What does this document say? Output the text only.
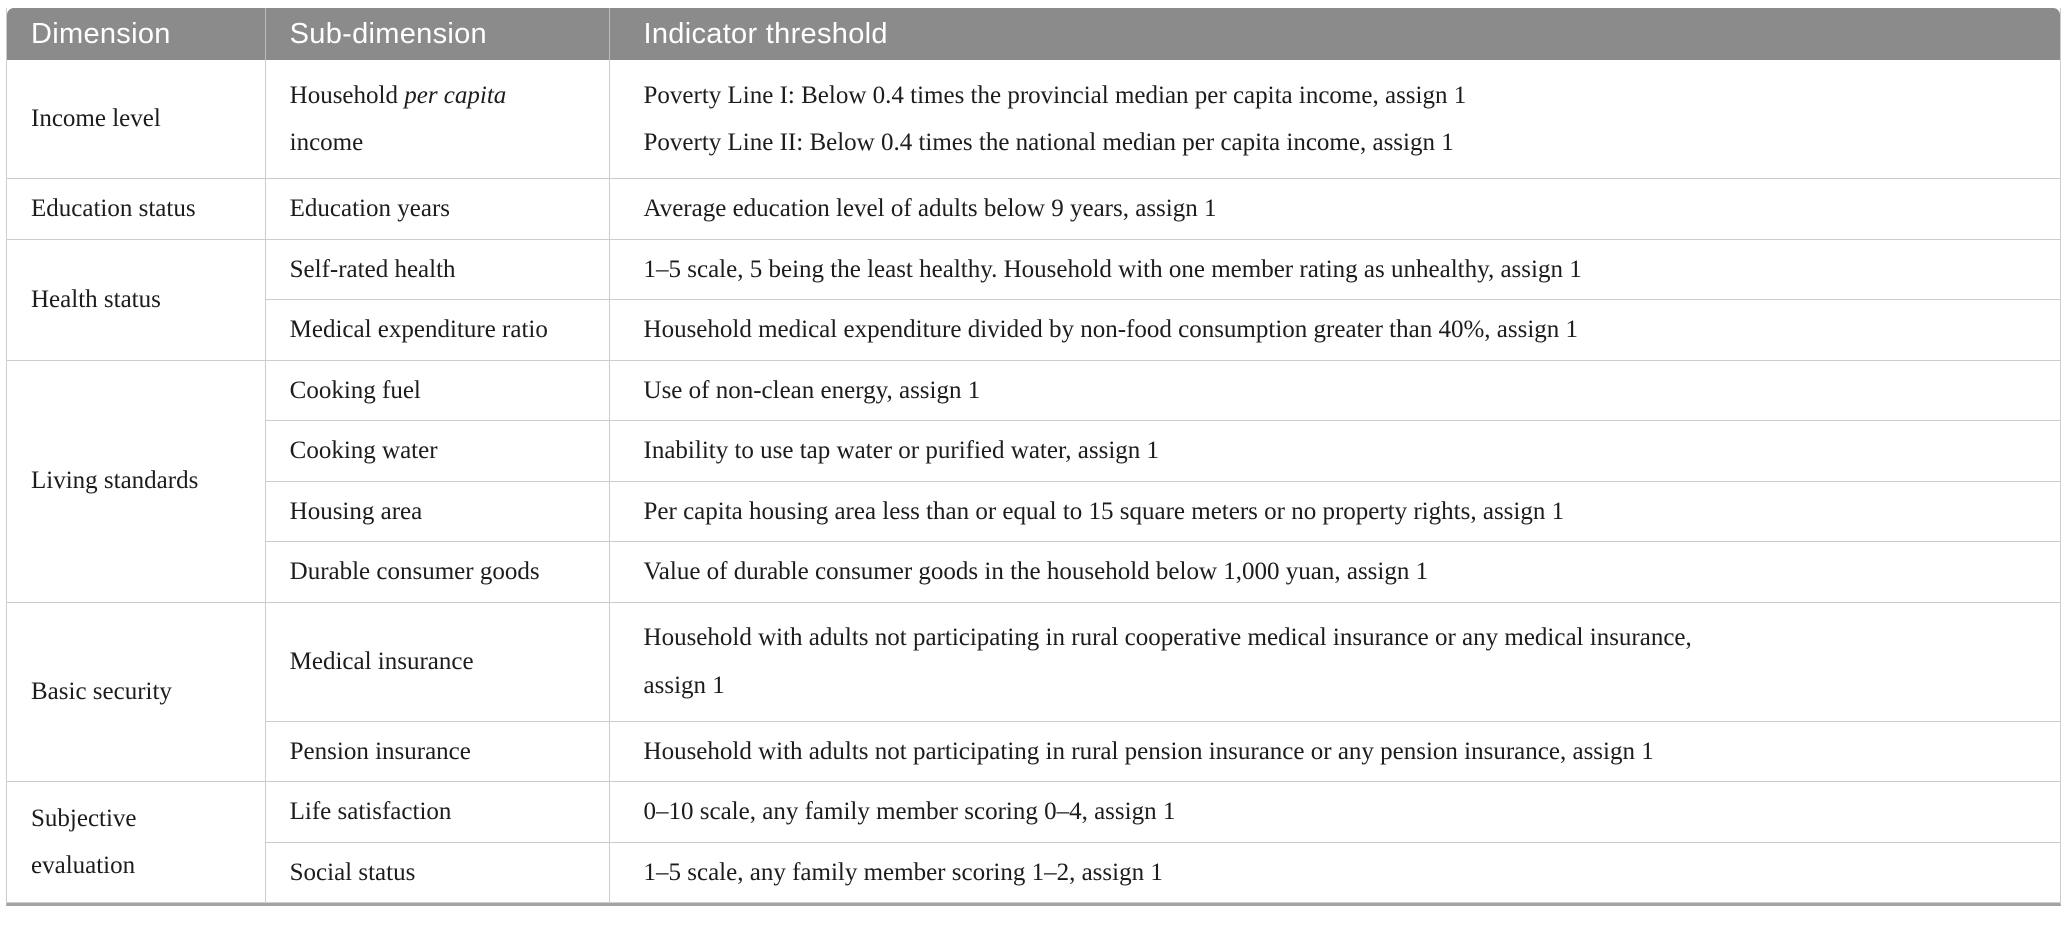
Dimension	Sub-dimension	Indicator threshold
Income level	Household per capita income	Poverty Line I: Below 0.4 times the provincial median per capita income, assign 1
Poverty Line II: Below 0.4 times the national median per capita income, assign 1

Education status	Education years	Average education level of adults below 9 years, assign 1

Health status	Self-rated health	1–5 scale, 5 being the least healthy. Household with one member rating as unhealthy, assign 1

	Medical expenditure ratio	Household medical expenditure divided by non-food consumption greater than 40%, assign 1

Living standards	Cooking fuel	Use of non-clean energy, assign 1

	Cooking water	Inability to use tap water or purified water, assign 1

	Housing area	Per capita housing area less than or equal to 15 square meters or no property rights, assign 1

	Durable consumer goods	Value of durable consumer goods in the household below 1,000 yuan, assign 1

Basic security	Medical insurance	Household with adults not participating in rural cooperative medical insurance or any medical insurance,
assign 1

	Pension insurance	Household with adults not participating in rural pension insurance or any pension insurance, assign 1

Subjective evaluation	Life satisfaction	0–10 scale, any family member scoring 0–4, assign 1

	Social status	1–5 scale, any family member scoring 1–2, assign 1
